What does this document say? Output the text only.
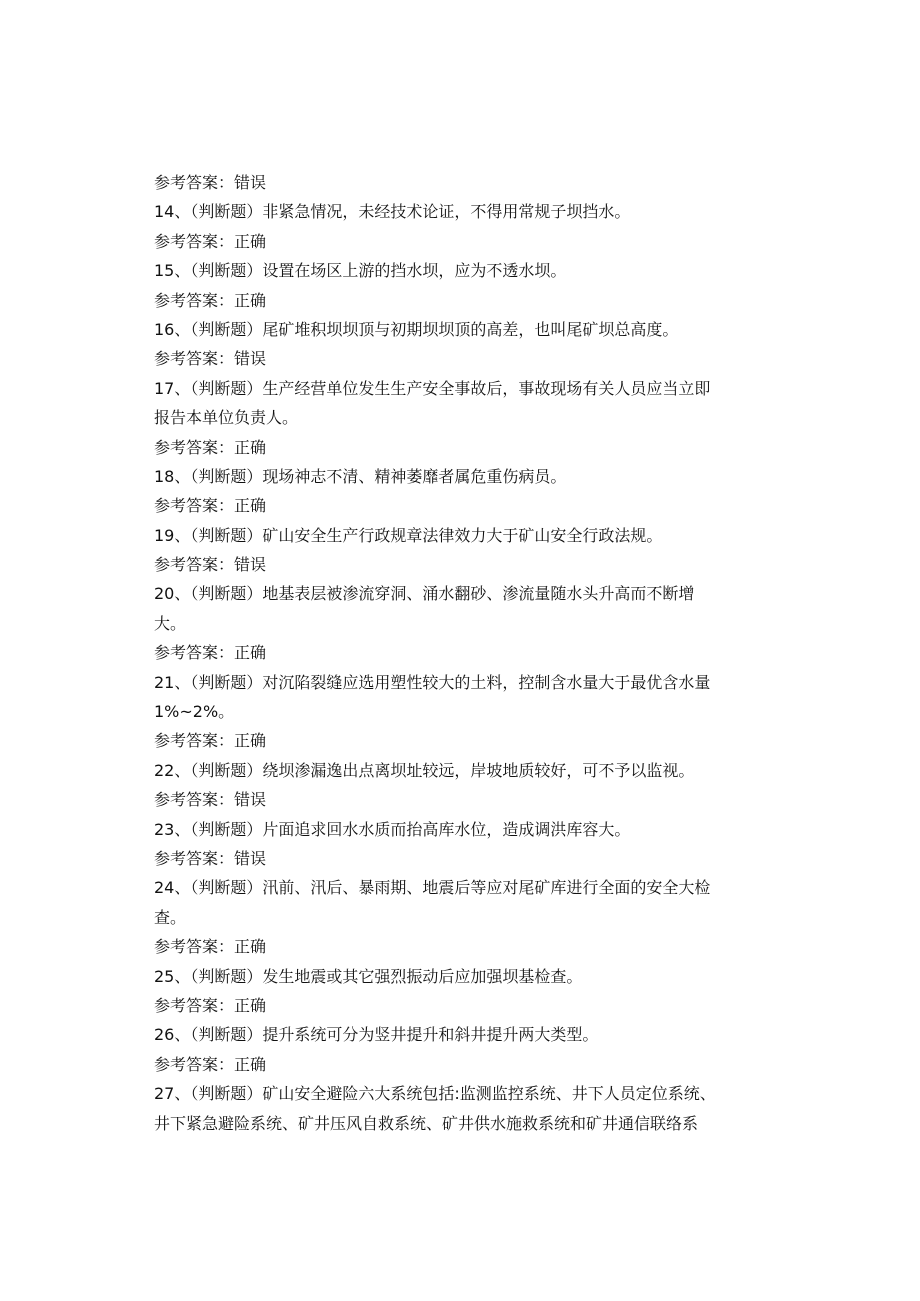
参考答案：错误
14、（判断题）非紧急情况，未经技术论证，不得用常规子坝挡水。
参考答案：正确
15、（判断题）设置在场区上游的挡水坝，应为不透水坝。
参考答案：正确
16、（判断题）尾矿堆积坝坝顶与初期坝坝顶的高差，也叫尾矿坝总高度。
参考答案：错误
17、（判断题）生产经营单位发生生产安全事故后，事故现场有关人员应当立即
报告本单位负责人。
参考答案：正确
18、（判断题）现场神志不清、精神萎靡者属危重伤病员。
参考答案：正确
19、（判断题）矿山安全生产行政规章法律效力大于矿山安全行政法规。
参考答案：错误
20、（判断题）地基表层被渗流穿洞、涌水翻砂、渗流量随水头升高而不断增
大。
参考答案：正确
21、（判断题）对沉陷裂缝应选用塑性较大的土料，控制含水量大于最优含水量
1%~2%。
参考答案：正确
22、（判断题）绕坝渗漏逸出点离坝址较远，岸坡地质较好，可不予以监视。
参考答案：错误
23、（判断题）片面追求回水水质而抬高库水位，造成调洪库容大。
参考答案：错误
24、（判断题）汛前、汛后、暴雨期、地震后等应对尾矿库进行全面的安全大检
查。
参考答案：正确
25、（判断题）发生地震或其它强烈振动后应加强坝基检查。
参考答案：正确
26、（判断题）提升系统可分为竖井提升和斜井提升两大类型。
参考答案：正确
27、（判断题）矿山安全避险六大系统包括:监测监控系统、井下人员定位系统、
井下紧急避险系统、矿井压风自救系统、矿井供水施救系统和矿井通信联络系
